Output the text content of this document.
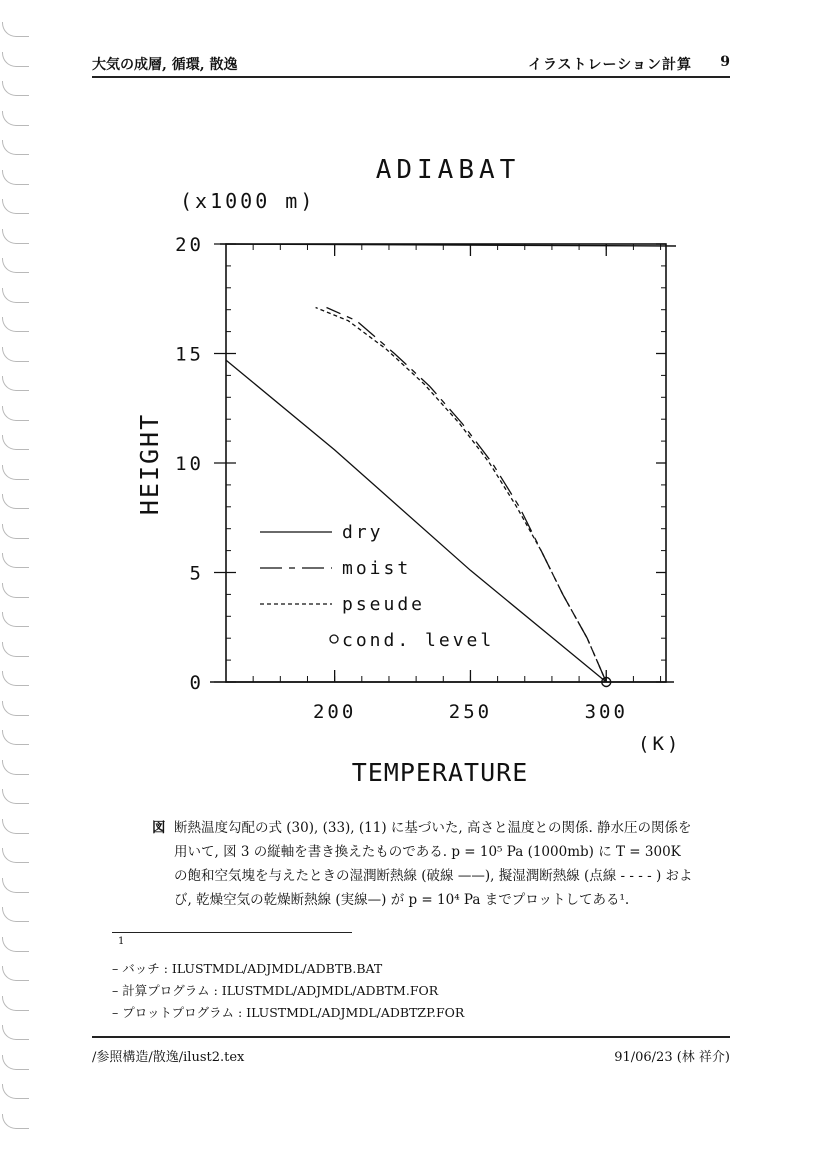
大気の成層, 循環, 散逸	イラストレーション計算 9
200	250	300
0
5
10
15
20
ADIABAT
(x1000 m)
(K)
TEMPERATURE
HEIGHT
dry
moist
pseude
cond. level
図 断熱温度勾配の式 (30), (33), (11) に基づいた, 高さと温度との関係. 静水圧の関係を用いて, 図 3 の縦軸を書き換えたものである. p = 10⁵ Pa (1000mb) に T = 300K の飽和空気塊を与えたときの湿潤断熱線 (破線 ——), 擬湿潤断熱線 (点線 - - - - ) および, 乾燥空気の乾燥断熱線 (実線—) が p = 10⁴ Pa までプロットしてある¹.
1
– バッチ : ILUSTMDL/ADJMDL/ADBTB.BAT
– 計算プログラム : ILUSTMDL/ADJMDL/ADBTM.FOR
– プロットプログラム : ILUSTMDL/ADJMDL/ADBTZP.FOR
/参照構造/散逸/ilust2.tex	91/06/23 (林 祥介)
